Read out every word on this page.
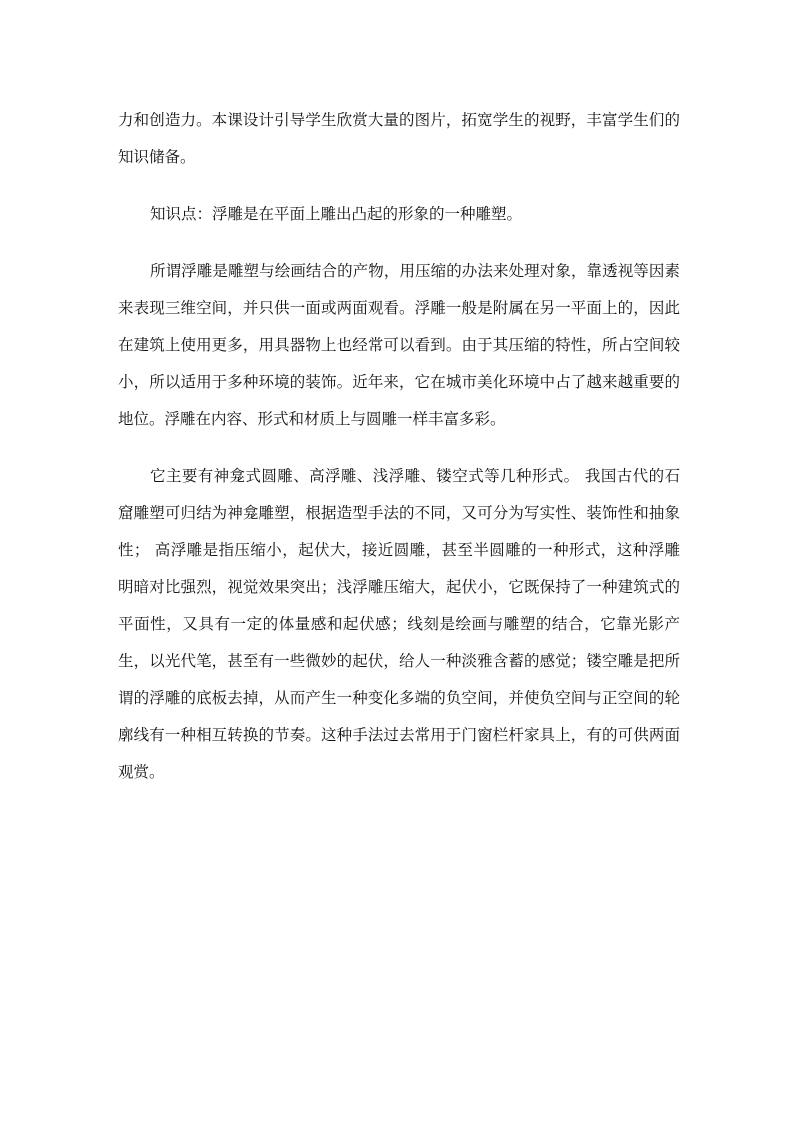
力和创造力。本课设计引导学生欣赏大量的图片，拓宽学生的视野，丰富学生们的知识储备。

知识点：浮雕是在平面上雕出凸起的形象的一种雕塑。

所谓浮雕是雕塑与绘画结合的产物，用压缩的办法来处理对象，靠透视等因素来表现三维空间，并只供一面或两面观看。浮雕一般是附属在另一平面上的，因此在建筑上使用更多，用具器物上也经常可以看到。由于其压缩的特性，所占空间较小，所以适用于多种环境的装饰。近年来，它在城市美化环境中占了越来越重要的地位。浮雕在内容、形式和材质上与圆雕一样丰富多彩。

它主要有神龛式圆雕、高浮雕、浅浮雕、镂空式等几种形式。 我国古代的石窟雕塑可归结为神龛雕塑，根据造型手法的不同，又可分为写实性、装饰性和抽象性； 高浮雕是指压缩小，起伏大，接近圆雕，甚至半圆雕的一种形式，这种浮雕明暗对比强烈，视觉效果突出；浅浮雕压缩大，起伏小，它既保持了一种建筑式的平面性，又具有一定的体量感和起伏感；线刻是绘画与雕塑的结合，它靠光影产生，以光代笔，甚至有一些微妙的起伏，给人一种淡雅含蓄的感觉；镂空雕是把所谓的浮雕的底板去掉，从而产生一种变化多端的负空间，并使负空间与正空间的轮廓线有一种相互转换的节奏。这种手法过去常用于门窗栏杆家具上，有的可供两面观赏。
